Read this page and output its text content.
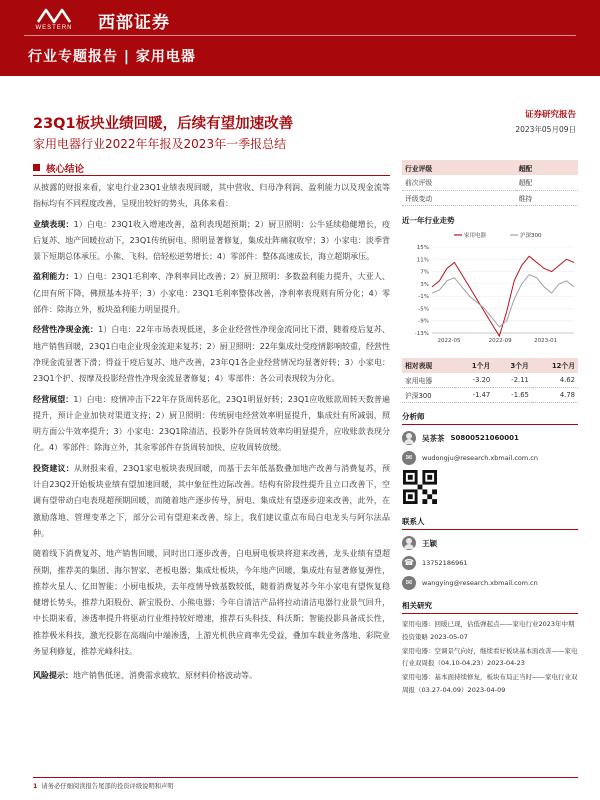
WESTERN	西部证券
行业专题报告 | 家用电器
23Q1板块业绩回暖，后续有望加速改善
家用电器行业2022年年报及2023年一季报总结
证券研究报告
2023年05月09日
核心结论

从披露的财报来看，家电行业23Q1业绩表现回暖，其中营收、归母净利润、盈利能力以及现金流等指标均有不同程度改善，呈现出较好的势头，具体来看：

业绩表现：1）白电：23Q1收入增速改善，盈利表现超预期；2）厨卫照明：公牛延续稳健增长，疫后复苏、地产回暖拉动下，23Q1传统厨电、照明显著修复，集成灶阵痛叙收窄；3）小家电：淡季背景下短期总体承压。小熊、飞科、倍轻松逆势增长；4）零部件：整体高速成长，海立超期承压。

盈利能力：1）白电：23Q1毛利率、净利率同比改善；2）厨卫照明：多数盈利能力提升，大亚人、亿田有所下降，佛照基本持平；3）小家电：23Q1毛利率整体改善，净利率表现则有所分化；4）零部件：除海立外，板块盈利能力明显提升。

经营性净现金流：1）白电：22年市场表现低迷，多企业经营性净现金流同比下滑，随着疫后复苏、地产销售回暖，23Q1白电企业现金流迎来复苏；2）厨卫照明：22年集成灶受疫情影响较重，经营性净现金流显著下滑；得益于疫后复苏、地产改善，23年Q1各企业经营情况均显著好转；3）小家电：23Q1个护、按摩及投影经营性净现金流显著修复；4）零部件：各公司表现较为分化。

经营展望：1）白电：疫情冲击下22年存货周转恶化，23Q1明显好转；23Q1应收账款周转天数普遍提升，预计企业加快对渠道支持；2）厨卫照明：传统厨电经营效率明显提升，集成灶有所减弱，照明方面公牛效率提升；3）小家电：23Q1除清洁、投影外存货周转效率均明显提升，应收账款表现分化。4）零部件：除海立外，其余零部件存货周转加快、应收周转放缓。

投资建议：从财报来看，23Q1家电板块表现回暖，而基于去年低基数叠加地产改善与消费复苏，预计自23Q2开始板块业绩有望加速回暖，其中象征性边际改善。结构有阶段性提升且立口改善下，空调有望带动白电表现超预期回暖，而随着地产逐步传导，厨电、集成灶有望逐步迎来改善，此外，在激励落地、管理变革之下，部分公司有望迎来改善，综上，我们建议重点布局白电龙头与阿尔法品种。

随着线下消费复苏、地产销售回暖，同时出口逐步改善，白电厨电板块将迎来改善，龙头业绩有望超预期，推荐美的集团、海尔智家、老板电器；集成灶板块，今年地产回暖，集成灶有显著修复弹性，推荐火星人、亿田智能；小厨电板块，去年疫情导致基数较低，随着消费复苏今年小家电有望恢复稳健增长势头，推荐九阳股份、新宝股份、小熊电器；今年自清洁产品将拉动清洁电器行业景气回升，中长期来看，渗透率提升将驱动行业维持较好增速，推荐石头科技、科沃斯；智能投影具备成长性，推荐极米科技，激光投影在高端向中端渗透，上游光机供应商率先受益，叠加车载业务落地、彩院业务显利修复，推荐光峰科技。

风险提示：地产销售低迷、消费需求疲软、原材料价格波动等。

行业评级	超配
前次评级	超配
评级变动	维持
近一年行业走势
15%
11%
7%
3%
-1%
-5%
-9%
-13%
2022-05	2022-09	2023-01
家用电器	沪深300
相对表现	1个月	3个月	12个月
家用电器	-3.20	-2.11	4.62
沪深300	-1.47	-1.65	4.78
分析师
吴茶茶 S0800521060001
✉	wudongju@research.xbmail.com.cn
联系人
王颖
☎	13752186961
✉	wangying@research.xbmail.com.cn
相关研究
家用电器：回暖已现，估低弹起点——家电行业2023年中期投资策略 2023-05-07
家用电器：空调景气向好，继续看好板块基本面改善——家电行业双周报（04.10-04.23）2023-04-23
家用电器：基本面持续修复，板块布局正当时——家电行业双周报（03.27-04.09）2023-04-09
1 请务必仔细阅读报告尾部的投资评级说明和声明
